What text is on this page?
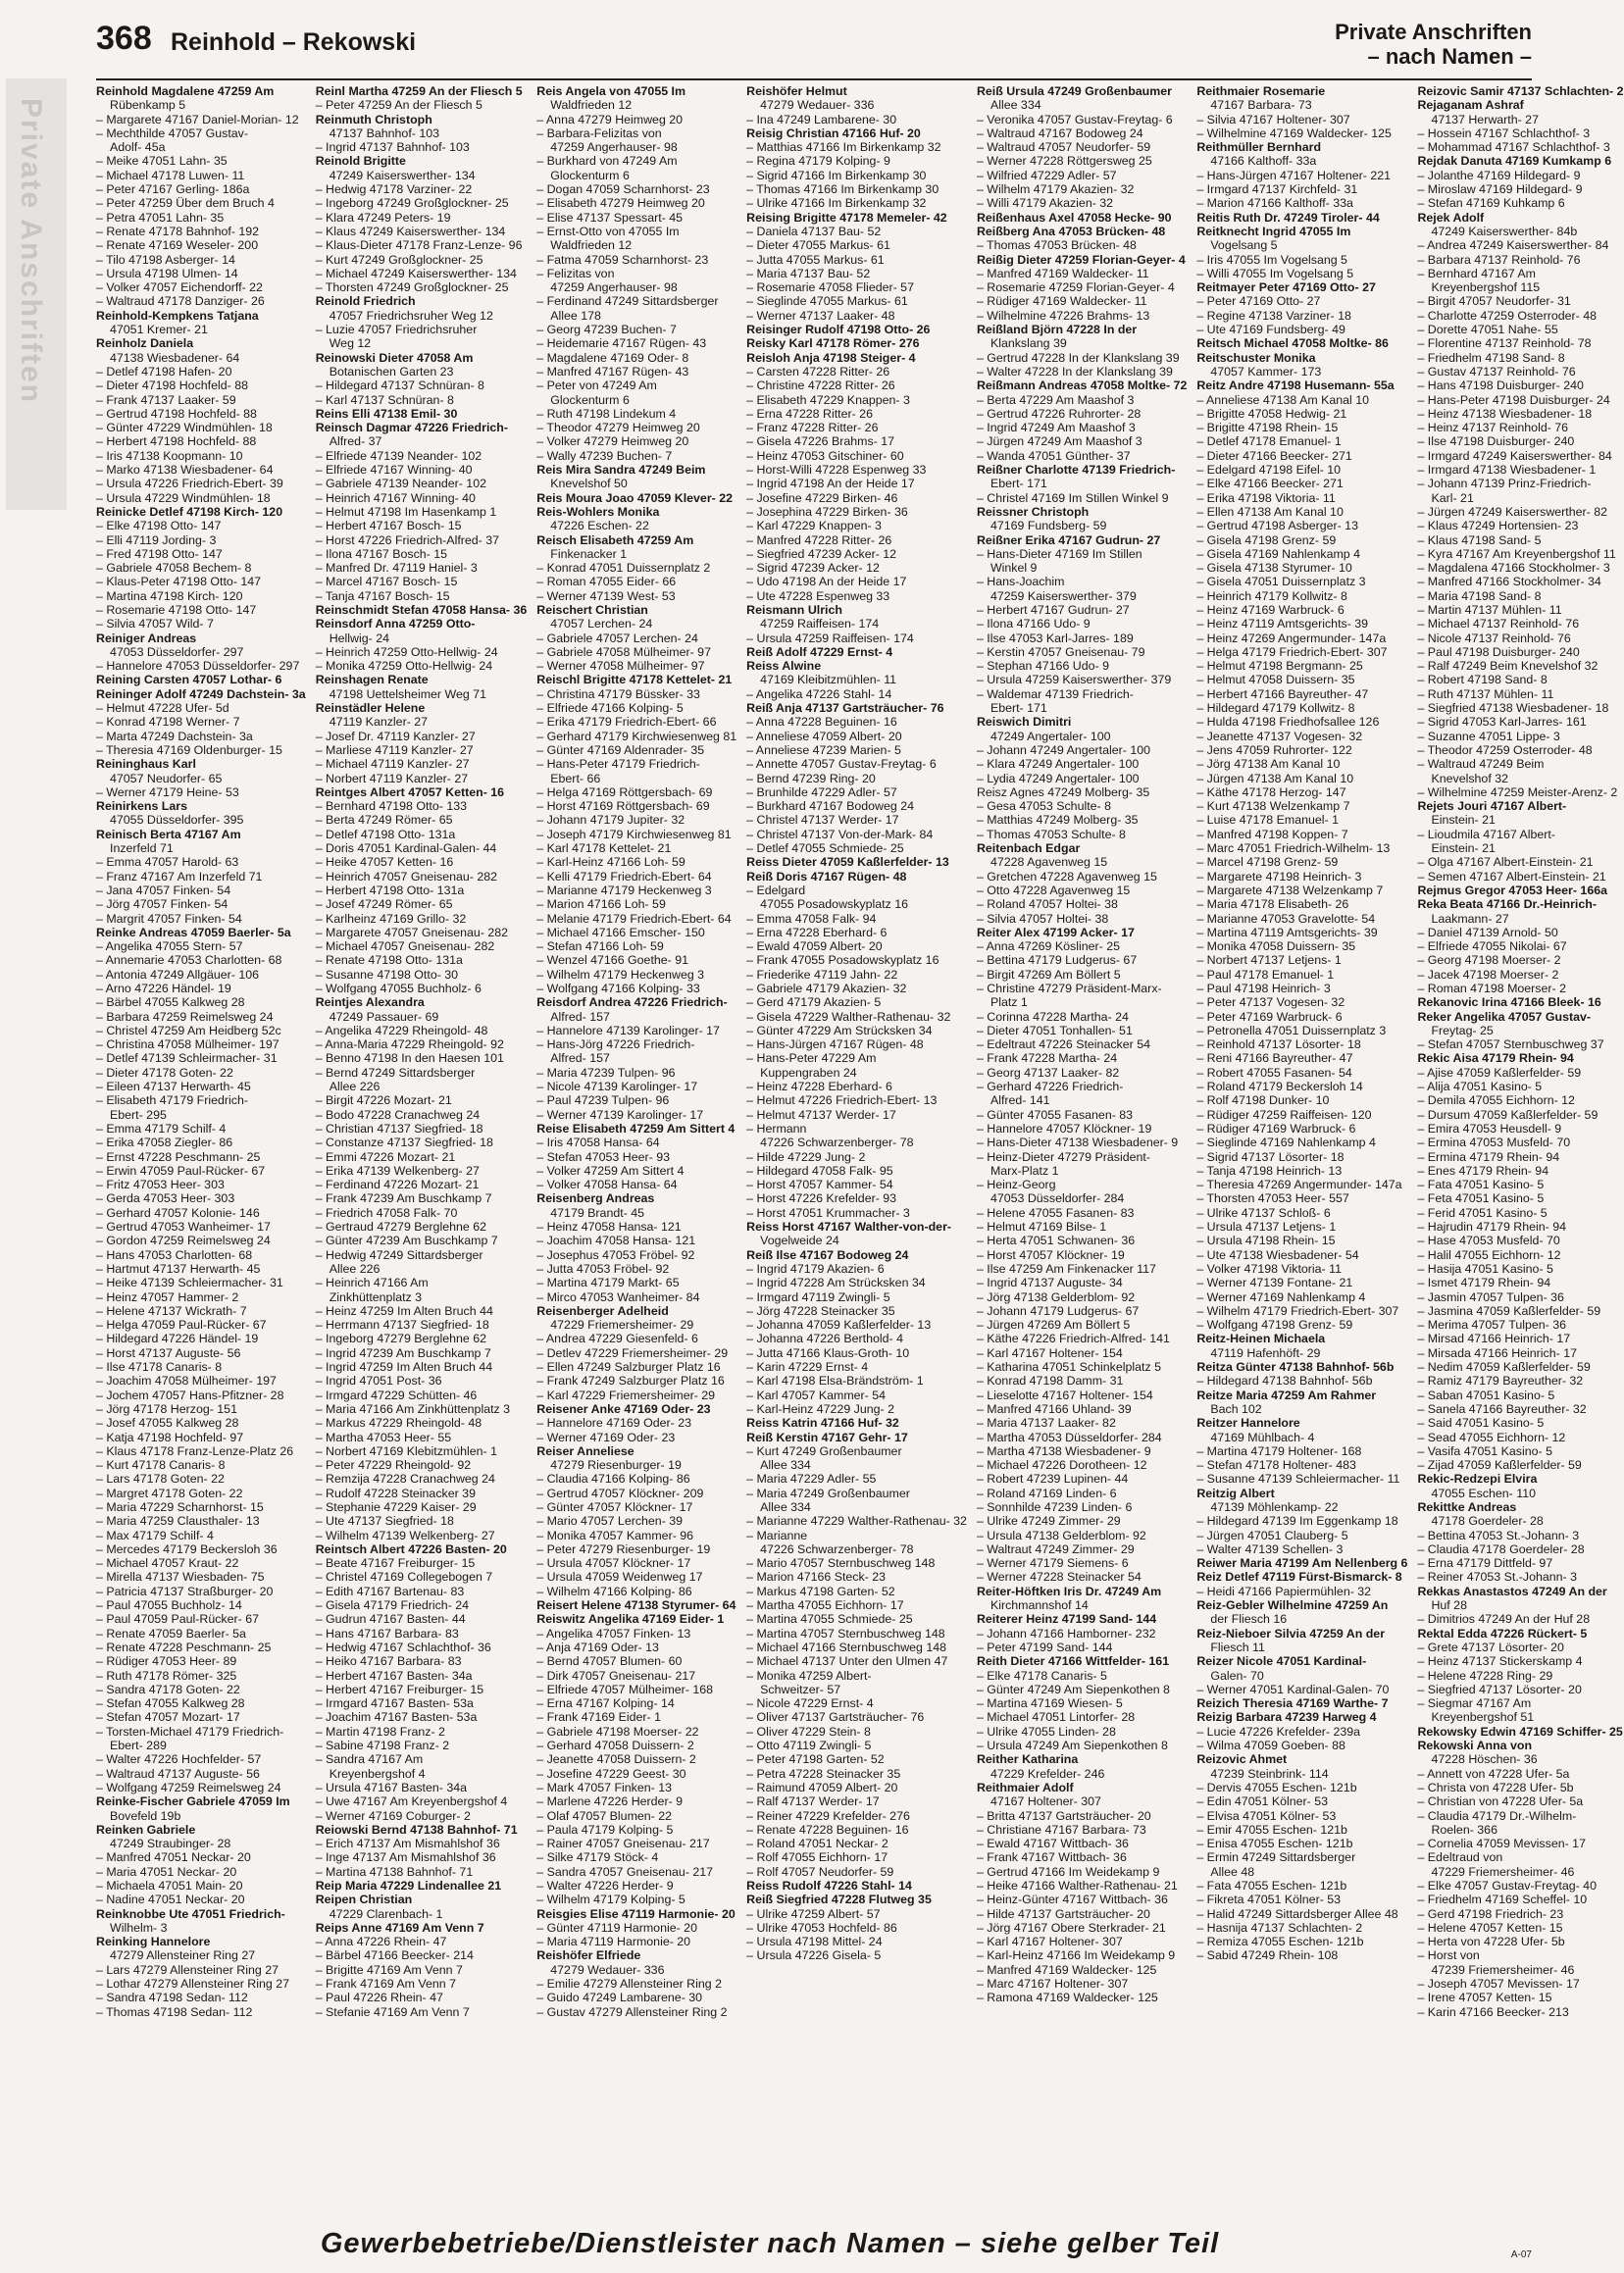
368 Reinhold – Rekowski	Private Anschriften
– nach Namen –
Private Anschriften
Reinhold Magdalene 47259 Am
Rübenkamp 5
– Margarete 47167 Daniel-Morian- 12
– Mechthilde 47057 Gustav-
Adolf- 45a
– Meike 47051 Lahn- 35
– Michael 47178 Luwen- 11
– Peter 47167 Gerling- 186a
– Peter 47259 Über dem Bruch 4
– Petra 47051 Lahn- 35
– Renate 47178 Bahnhof- 192
– Renate 47169 Weseler- 200
– Tilo 47198 Asberger- 14
– Ursula 47198 Ulmen- 14
– Volker 47057 Eichendorff- 22
– Waltraud 47178 Danziger- 26
Reinhold-Kempkens Tatjana
47051 Kremer- 21
Reinholz Daniela
47138 Wiesbadener- 64
– Detlef 47198 Hafen- 20
– Dieter 47198 Hochfeld- 88
– Frank 47137 Laaker- 59
– Gertrud 47198 Hochfeld- 88
– Günter 47229 Windmühlen- 18
– Herbert 47198 Hochfeld- 88
– Iris 47138 Koopmann- 10
– Marko 47138 Wiesbadener- 64
– Ursula 47226 Friedrich-Ebert- 39
– Ursula 47229 Windmühlen- 18
Reinicke Detlef 47198 Kirch- 120
– Elke 47198 Otto- 147
– Elli 47119 Jording- 3
– Fred 47198 Otto- 147
– Gabriele 47058 Bechem- 8
– Klaus-Peter 47198 Otto- 147
– Martina 47198 Kirch- 120
– Rosemarie 47198 Otto- 147
– Silvia 47057 Wild- 7
Reiniger Andreas
47053 Düsseldorfer- 297
– Hannelore 47053 Düsseldorfer- 297
Reining Carsten 47057 Lothar- 6
Reininger Adolf 47249 Dachstein- 3a
– Helmut 47228 Ufer- 5d
– Konrad 47198 Werner- 7
– Marta 47249 Dachstein- 3a
– Theresia 47169 Oldenburger- 15
Reininghaus Karl
47057 Neudorfer- 65
– Werner 47179 Heine- 53
Reinirkens Lars
47055 Düsseldorfer- 395
Reinisch Berta 47167 Am
Inzerfeld 71
– Emma 47057 Harold- 63
– Franz 47167 Am Inzerfeld 71
– Jana 47057 Finken- 54
– Jörg 47057 Finken- 54
– Margrit 47057 Finken- 54
Reinke Andreas 47059 Baerler- 5a
– Angelika 47055 Stern- 57
– Annemarie 47053 Charlotten- 68
– Antonia 47249 Allgäuer- 106
– Arno 47226 Händel- 19
– Bärbel 47055 Kalkweg 28
– Barbara 47259 Reimelsweg 24
– Christel 47259 Am Heidberg 52c
– Christina 47058 Mülheimer- 197
– Detlef 47139 Schleirmacher- 31
– Dieter 47178 Goten- 22
– Eileen 47137 Herwarth- 45
– Elisabeth 47179 Friedrich-
Ebert- 295
– Emma 47179 Schilf- 4
– Erika 47058 Ziegler- 86
– Ernst 47228 Peschmann- 25
– Erwin 47059 Paul-Rücker- 67
– Fritz 47053 Heer- 303
– Gerda 47053 Heer- 303
– Gerhard 47057 Kolonie- 146
– Gertrud 47053 Wanheimer- 17
– Gordon 47259 Reimelsweg 24
– Hans 47053 Charlotten- 68
– Hartmut 47137 Herwarth- 45
– Heike 47139 Schleiermacher- 31
– Heinz 47057 Hammer- 2
– Helene 47137 Wickrath- 7
– Helga 47059 Paul-Rücker- 67
– Hildegard 47226 Händel- 19
– Horst 47137 Auguste- 56
– Ilse 47178 Canaris- 8
– Joachim 47058 Mülheimer- 197
– Jochem 47057 Hans-Pfitzner- 28
– Jörg 47178 Herzog- 151
– Josef 47055 Kalkweg 28
– Katja 47198 Hochfeld- 97
– Klaus 47178 Franz-Lenze-Platz 26
– Kurt 47178 Canaris- 8
– Lars 47178 Goten- 22
– Margret 47178 Goten- 22
– Maria 47229 Scharnhorst- 15
– Maria 47259 Clausthaler- 13
– Max 47179 Schilf- 4
– Mercedes 47179 Beckersloh 36
– Michael 47057 Kraut- 22
– Mirella 47137 Wiesbaden- 75
– Patricia 47137 Straßburger- 20
– Paul 47055 Buchholz- 14
– Paul 47059 Paul-Rücker- 67
– Renate 47059 Baerler- 5a
– Renate 47228 Peschmann- 25
– Rüdiger 47053 Heer- 89
– Ruth 47178 Römer- 325
– Sandra 47178 Goten- 22
– Stefan 47055 Kalkweg 28
– Stefan 47057 Mozart- 17
– Torsten-Michael 47179 Friedrich-
Ebert- 289
– Walter 47226 Hochfelder- 57
– Waltraud 47137 Auguste- 56
– Wolfgang 47259 Reimelsweg 24
Reinke-Fischer Gabriele 47059 Im
Bovefeld 19b
Reinken Gabriele
47249 Straubinger- 28
– Manfred 47051 Neckar- 20
– Maria 47051 Neckar- 20
– Michaela 47051 Main- 20
– Nadine 47051 Neckar- 20
Reinknobbe Ute 47051 Friedrich-
Wilhelm- 3
Reinking Hannelore
47279 Allensteiner Ring 27
– Lars 47279 Allensteiner Ring 27
– Lothar 47279 Allensteiner Ring 27
– Sandra 47198 Sedan- 112
– Thomas 47198 Sedan- 112
Reinl Martha 47259 An der Fliesch 5
– Peter 47259 An der Fliesch 5
Reinmuth Christoph
47137 Bahnhof- 103
– Ingrid 47137 Bahnhof- 103
Reinold Brigitte
47249 Kaiserswerther- 134
– Hedwig 47178 Varziner- 22
– Ingeborg 47249 Großglockner- 25
– Klara 47249 Peters- 19
– Klaus 47249 Kaiserswerther- 134
– Klaus-Dieter 47178 Franz-Lenze- 96
– Kurt 47249 Großglockner- 25
– Michael 47249 Kaiserswerther- 134
– Thorsten 47249 Großglockner- 25
Reinold Friedrich
47057 Friedrichsruher Weg 12
– Luzie 47057 Friedrichsruher
Weg 12
Reinowski Dieter 47058 Am
Botanischen Garten 23
– Hildegard 47137 Schnüran- 8
– Karl 47137 Schnüran- 8
Reins Elli 47138 Emil- 30
Reinsch Dagmar 47226 Friedrich-
Alfred- 37
– Elfriede 47139 Neander- 102
– Elfriede 47167 Winning- 40
– Gabriele 47139 Neander- 102
– Heinrich 47167 Winning- 40
– Helmut 47198 Im Hasenkamp 1
– Herbert 47167 Bosch- 15
– Horst 47226 Friedrich-Alfred- 37
– Ilona 47167 Bosch- 15
– Manfred Dr. 47119 Haniel- 3
– Marcel 47167 Bosch- 15
– Tanja 47167 Bosch- 15
Reinschmidt Stefan 47058 Hansa- 36
Reinsdorf Anna 47259 Otto-
Hellwig- 24
– Heinrich 47259 Otto-Hellwig- 24
– Monika 47259 Otto-Hellwig- 24
Reinshagen Renate
47198 Uettelsheimer Weg 71
Reinstädler Helene
47119 Kanzler- 27
– Josef Dr. 47119 Kanzler- 27
– Marliese 47119 Kanzler- 27
– Michael 47119 Kanzler- 27
– Norbert 47119 Kanzler- 27
Reintges Albert 47057 Ketten- 16
– Bernhard 47198 Otto- 133
– Berta 47249 Römer- 65
– Detlef 47198 Otto- 131a
– Doris 47051 Kardinal-Galen- 44
– Heike 47057 Ketten- 16
– Heinrich 47057 Gneisenau- 282
– Herbert 47198 Otto- 131a
– Josef 47249 Römer- 65
– Karlheinz 47169 Grillo- 32
– Margarete 47057 Gneisenau- 282
– Michael 47057 Gneisenau- 282
– Renate 47198 Otto- 131a
– Susanne 47198 Otto- 30
– Wolfgang 47055 Buchholz- 6
Reintjes Alexandra
47249 Passauer- 69
– Angelika 47229 Rheingold- 48
– Anna-Maria 47229 Rheingold- 92
– Benno 47198 In den Haesen 101
– Bernd 47249 Sittardsberger
Allee 226
– Birgit 47226 Mozart- 21
– Bodo 47228 Cranachweg 24
– Christian 47137 Siegfried- 18
– Constanze 47137 Siegfried- 18
– Emmi 47226 Mozart- 21
– Erika 47139 Welkenberg- 27
– Ferdinand 47226 Mozart- 21
– Frank 47239 Am Buschkamp 7
– Friedrich 47058 Falk- 70
– Gertraud 47279 Berglehne 62
– Günter 47239 Am Buschkamp 7
– Hedwig 47249 Sittardsberger
Allee 226
– Heinrich 47166 Am
Zinkhüttenplatz 3
– Heinz 47259 Im Alten Bruch 44
– Herrmann 47137 Siegfried- 18
– Ingeborg 47279 Berglehne 62
– Ingrid 47239 Am Buschkamp 7
– Ingrid 47259 Im Alten Bruch 44
– Ingrid 47051 Post- 36
– Irmgard 47229 Schütten- 46
– Maria 47166 Am Zinkhüttenplatz 3
– Markus 47229 Rheingold- 48
– Martha 47053 Heer- 55
– Norbert 47169 Klebitzmühlen- 1
– Peter 47229 Rheingold- 92
– Remzija 47228 Cranachweg 24
– Rudolf 47228 Steinacker 39
– Stephanie 47229 Kaiser- 29
– Ute 47137 Siegfried- 18
– Wilhelm 47139 Welkenberg- 27
Reintsch Albert 47226 Basten- 20
– Beate 47167 Freiburger- 15
– Christel 47169 Collegebogen 7
– Edith 47167 Bartenau- 83
– Gisela 47179 Friedrich- 24
– Gudrun 47167 Basten- 44
– Hans 47167 Barbara- 83
– Hedwig 47167 Schlachthof- 36
– Heiko 47167 Barbara- 83
– Herbert 47167 Basten- 34a
– Herbert 47167 Freiburger- 15
– Irmgard 47167 Basten- 53a
– Joachim 47167 Basten- 53a
– Martin 47198 Franz- 2
– Sabine 47198 Franz- 2
– Sandra 47167 Am
Kreyenbergshof 4
– Ursula 47167 Basten- 34a
– Uwe 47167 Am Kreyenbergshof 4
– Werner 47169 Coburger- 2
Reiowski Bernd 47138 Bahnhof- 71
– Erich 47137 Am Mismahlshof 36
– Inge 47137 Am Mismahlshof 36
– Martina 47138 Bahnhof- 71
Reip Maria 47229 Lindenallee 21
Reipen Christian
47229 Clarenbach- 1
Reips Anne 47169 Am Venn 7
– Anna 47226 Rhein- 47
– Bärbel 47166 Beecker- 214
– Brigitte 47169 Am Venn 7
– Frank 47169 Am Venn 7
– Paul 47226 Rhein- 47
– Stefanie 47169 Am Venn 7
Reis Angela von 47055 Im
Waldfrieden 12
– Anna 47279 Heimweg 20
– Barbara-Felizitas von
47259 Angerhauser- 98
– Burkhard von 47249 Am
Glockenturm 6
– Dogan 47059 Scharnhorst- 23
– Elisabeth 47279 Heimweg 20
– Elise 47137 Spessart- 45
– Ernst-Otto von 47055 Im
Waldfrieden 12
– Fatma 47059 Scharnhorst- 23
– Felizitas von
47259 Angerhauser- 98
– Ferdinand 47249 Sittardsberger
Allee 178
– Georg 47239 Buchen- 7
– Heidemarie 47167 Rügen- 43
– Magdalene 47169 Oder- 8
– Manfred 47167 Rügen- 43
– Peter von 47249 Am
Glockenturm 6
– Ruth 47198 Lindekum 4
– Theodor 47279 Heimweg 20
– Volker 47279 Heimweg 20
– Wally 47239 Buchen- 7
Reis Mira Sandra 47249 Beim
Knevelshof 50
Reis Moura Joao 47059 Klever- 22
Reis-Wohlers Monika
47226 Eschen- 22
Reisch Elisabeth 47259 Am
Finkenacker 1
– Konrad 47051 Duissernplatz 2
– Roman 47055 Eider- 66
– Werner 47139 West- 53
Reischert Christian
47057 Lerchen- 24
– Gabriele 47057 Lerchen- 24
– Gabriele 47058 Mülheimer- 97
– Werner 47058 Mülheimer- 97
Reischl Brigitte 47178 Kettelet- 21
– Christina 47179 Büssker- 33
– Elfriede 47166 Kolping- 5
– Erika 47179 Friedrich-Ebert- 66
– Gerhard 47179 Kirchwiesenweg 81
– Günter 47169 Aldenrader- 35
– Hans-Peter 47179 Friedrich-
Ebert- 66
– Helga 47169 Röttgersbach- 69
– Horst 47169 Röttgersbach- 69
– Johann 47179 Jupiter- 32
– Joseph 47179 Kirchwiesenweg 81
– Karl 47178 Kettelet- 21
– Karl-Heinz 47166 Loh- 59
– Kelli 47179 Friedrich-Ebert- 64
– Marianne 47179 Heckenweg 3
– Marion 47166 Loh- 59
– Melanie 47179 Friedrich-Ebert- 64
– Michael 47166 Emscher- 150
– Stefan 47166 Loh- 59
– Wenzel 47166 Goethe- 91
– Wilhelm 47179 Heckenweg 3
– Wolfgang 47166 Kolping- 33
Reisdorf Andrea 47226 Friedrich-
Alfred- 157
– Hannelore 47139 Karolinger- 17
– Hans-Jörg 47226 Friedrich-
Alfred- 157
– Maria 47239 Tulpen- 96
– Nicole 47139 Karolinger- 17
– Paul 47239 Tulpen- 96
– Werner 47139 Karolinger- 17
Reise Elisabeth 47259 Am Sittert 4
– Iris 47058 Hansa- 64
– Stefan 47053 Heer- 93
– Volker 47259 Am Sittert 4
– Volker 47058 Hansa- 64
Reisenberg Andreas
47179 Brandt- 45
– Heinz 47058 Hansa- 121
– Joachim 47058 Hansa- 121
– Josephus 47053 Fröbel- 92
– Jutta 47053 Fröbel- 92
– Martina 47179 Markt- 65
– Mirco 47053 Wanheimer- 84
Reisenberger Adelheid
47229 Friemersheimer- 29
– Andrea 47229 Giesenfeld- 6
– Detlev 47229 Friemersheimer- 29
– Ellen 47249 Salzburger Platz 16
– Frank 47249 Salzburger Platz 16
– Karl 47229 Friemersheimer- 29
Reisener Anke 47169 Oder- 23
– Hannelore 47169 Oder- 23
– Werner 47169 Oder- 23
Reiser Anneliese
47279 Riesenburger- 19
– Claudia 47166 Kolping- 86
– Gertrud 47057 Klöckner- 209
– Günter 47057 Klöckner- 17
– Mario 47057 Lerchen- 39
– Monika 47057 Kammer- 96
– Peter 47279 Riesenburger- 19
– Ursula 47057 Klöckner- 17
– Ursula 47059 Weidenweg 17
– Wilhelm 47166 Kolping- 86
Reisert Helene 47138 Styrumer- 64
Reiswitz Angelika 47169 Eider- 1
– Angelika 47057 Finken- 13
– Anja 47169 Oder- 13
– Bernd 47057 Blumen- 60
– Dirk 47057 Gneisenau- 217
– Elfriede 47057 Mülheimer- 168
– Erna 47167 Kolping- 14
– Frank 47169 Eider- 1
– Gabriele 47198 Moerser- 22
– Gerhard 47058 Duissern- 2
– Jeanette 47058 Duissern- 2
– Josefine 47229 Geest- 30
– Mark 47057 Finken- 13
– Marlene 47226 Herder- 9
– Olaf 47057 Blumen- 22
– Paula 47179 Kolping- 5
– Rainer 47057 Gneisenau- 217
– Silke 47179 Stöck- 4
– Sandra 47057 Gneisenau- 217
– Walter 47226 Herder- 9
– Wilhelm 47179 Kolping- 5
Reisgies Elise 47119 Harmonie- 20
– Günter 47119 Harmonie- 20
– Maria 47119 Harmonie- 20
Reishöfer Elfriede
47279 Wedauer- 336
– Emilie 47279 Allensteiner Ring 2
– Guido 47249 Lambarene- 30
– Gustav 47279 Allensteiner Ring 2
Reishöfer Helmut
47279 Wedauer- 336
– Ina 47249 Lambarene- 30
Reisig Christian 47166 Huf- 20
– Matthias 47166 Im Birkenkamp 32
– Regina 47179 Kolping- 9
– Sigrid 47166 Im Birkenkamp 30
– Thomas 47166 Im Birkenkamp 30
– Ulrike 47166 Im Birkenkamp 32
Reising Brigitte 47178 Memeler- 42
– Daniela 47137 Bau- 52
– Dieter 47055 Markus- 61
– Jutta 47055 Markus- 61
– Maria 47137 Bau- 52
– Rosemarie 47058 Flieder- 57
– Sieglinde 47055 Markus- 61
– Werner 47137 Laaker- 48
Reisinger Rudolf 47198 Otto- 26
Reisky Karl 47178 Römer- 276
Reisloh Anja 47198 Steiger- 4
– Carsten 47228 Ritter- 26
– Christine 47228 Ritter- 26
– Elisabeth 47229 Knappen- 3
– Erna 47228 Ritter- 26
– Franz 47228 Ritter- 26
– Gisela 47226 Brahms- 17
– Heinz 47053 Gitschiner- 60
– Horst-Willi 47228 Espenweg 33
– Ingrid 47198 An der Heide 17
– Josefine 47229 Birken- 46
– Josephina 47229 Birken- 36
– Karl 47229 Knappen- 3
– Manfred 47228 Ritter- 26
– Siegfried 47239 Acker- 12
– Sigrid 47239 Acker- 12
– Udo 47198 An der Heide 17
– Ute 47228 Espenweg 33
Reismann Ulrich
47259 Raiffeisen- 174
– Ursula 47259 Raiffeisen- 174
Reiß Adolf 47229 Ernst- 4
Reiss Alwine
47169 Kleibitzmühlen- 11
– Angelika 47226 Stahl- 14
Reiß Anja 47137 Gartsträucher- 76
– Anna 47228 Beguinen- 16
– Anneliese 47059 Albert- 20
– Anneliese 47239 Marien- 5
– Annette 47057 Gustav-Freytag- 6
– Bernd 47239 Ring- 20
– Brunhilde 47229 Adler- 57
– Burkhard 47167 Bodoweg 24
– Christel 47137 Werder- 17
– Christel 47137 Von-der-Mark- 84
– Detlef 47055 Schmiede- 25
Reiss Dieter 47059 Kaßlerfelder- 13
Reiß Doris 47167 Rügen- 48
– Edelgard
47055 Posadowskyplatz 16
– Emma 47058 Falk- 94
– Erna 47228 Eberhard- 6
– Ewald 47059 Albert- 20
– Frank 47055 Posadowskyplatz 16
– Friederike 47119 Jahn- 22
– Gabriele 47179 Akazien- 32
– Gerd 47179 Akazien- 5
– Gisela 47229 Walther-Rathenau- 32
– Günter 47229 Am Strücksken 34
– Hans-Jürgen 47167 Rügen- 48
– Hans-Peter 47229 Am
Kuppengraben 24
– Heinz 47228 Eberhard- 6
– Helmut 47226 Friedrich-Ebert- 13
– Helmut 47137 Werder- 17
– Hermann
47226 Schwarzenberger- 78
– Hilde 47229 Jung- 2
– Hildegard 47058 Falk- 95
– Horst 47057 Kammer- 54
– Horst 47226 Krefelder- 93
– Horst 47051 Krummacher- 3
Reiss Horst 47167 Walther-von-der-
Vogelweide 24
Reiß Ilse 47167 Bodoweg 24
– Ingrid 47179 Akazien- 6
– Ingrid 47228 Am Strücksken 34
– Irmgard 47119 Zwingli- 5
– Jörg 47228 Steinacker 35
– Johanna 47059 Kaßlerfelder- 13
– Johanna 47226 Berthold- 4
– Jutta 47166 Klaus-Groth- 10
– Karin 47229 Ernst- 4
– Karl 47198 Elsa-Brändström- 1
– Karl 47057 Kammer- 54
– Karl-Heinz 47229 Jung- 2
Reiss Katrin 47166 Huf- 32
Reiß Kerstin 47167 Gehr- 17
– Kurt 47249 Großenbaumer
Allee 334
– Maria 47229 Adler- 55
– Maria 47249 Großenbaumer
Allee 334
– Marianne 47229 Walther-Rathenau- 32
– Marianne
47226 Schwarzenberger- 78
– Mario 47057 Sternbuschweg 148
– Marion 47166 Steck- 23
– Markus 47198 Garten- 52
– Martha 47055 Eichhorn- 17
– Martina 47055 Schmiede- 25
– Martina 47057 Sternbuschweg 148
– Michael 47166 Sternbuschweg 148
– Michael 47137 Unter den Ulmen 47
– Monika 47259 Albert-
Schweitzer- 57
– Nicole 47229 Ernst- 4
– Oliver 47137 Gartsträucher- 76
– Oliver 47229 Stein- 8
– Otto 47119 Zwingli- 5
– Peter 47198 Garten- 52
– Petra 47228 Steinacker 35
– Raimund 47059 Albert- 20
– Ralf 47137 Werder- 17
– Reiner 47229 Krefelder- 276
– Renate 47228 Beguinen- 16
– Roland 47051 Neckar- 2
– Rolf 47055 Eichhorn- 17
– Rolf 47057 Neudorfer- 59
Reiss Rudolf 47226 Stahl- 14
Reiß Siegfried 47228 Flutweg 35
– Ulrike 47259 Albert- 57
– Ulrike 47053 Hochfeld- 86
– Ursula 47198 Mittel- 24
– Ursula 47226 Gisela- 5
Reiß Ursula 47249 Großenbaumer
Allee 334
– Veronika 47057 Gustav-Freytag- 6
– Waltraud 47167 Bodoweg 24
– Waltraud 47057 Neudorfer- 59
– Werner 47228 Röttgersweg 25
– Wilfried 47229 Adler- 57
– Wilhelm 47179 Akazien- 32
– Willi 47179 Akazien- 32
Reißenhaus Axel 47058 Hecke- 90
Reißberg Ana 47053 Brücken- 48
– Thomas 47053 Brücken- 48
Reißig Dieter 47259 Florian-Geyer- 4
– Manfred 47169 Waldecker- 11
– Rosemarie 47259 Florian-Geyer- 4
– Rüdiger 47169 Waldecker- 11
– Wilhelmine 47226 Brahms- 13
Reißland Björn 47228 In der
Klankslang 39
– Gertrud 47228 In der Klankslang 39
– Walter 47228 In der Klankslang 39
Reißmann Andreas 47058 Moltke- 72
– Berta 47229 Am Maashof 3
– Gertrud 47226 Ruhrorter- 28
– Ingrid 47249 Am Maashof 3
– Jürgen 47249 Am Maashof 3
– Wanda 47051 Günther- 37
Reißner Charlotte 47139 Friedrich-
Ebert- 171
– Christel 47169 Im Stillen Winkel 9
Reissner Christoph
47169 Fundsberg- 59
Reißner Erika 47167 Gudrun- 27
– Hans-Dieter 47169 Im Stillen
Winkel 9
– Hans-Joachim
47259 Kaiserswerther- 379
– Herbert 47167 Gudrun- 27
– Ilona 47166 Udo- 9
– Ilse 47053 Karl-Jarres- 189
– Kerstin 47057 Gneisenau- 79
– Stephan 47166 Udo- 9
– Ursula 47259 Kaiserswerther- 379
– Waldemar 47139 Friedrich-
Ebert- 171
Reiswich Dimitri
47249 Angertaler- 100
– Johann 47249 Angertaler- 100
– Klara 47249 Angertaler- 100
– Lydia 47249 Angertaler- 100
Reisz Agnes 47249 Molberg- 35
– Gesa 47053 Schulte- 8
– Matthias 47249 Molberg- 35
– Thomas 47053 Schulte- 8
Reitenbach Edgar
47228 Agavenweg 15
– Gretchen 47228 Agavenweg 15
– Otto 47228 Agavenweg 15
– Roland 47057 Holtei- 38
– Silvia 47057 Holtei- 38
Reiter Alex 47199 Acker- 17
– Anna 47269 Kösliner- 25
– Bettina 47179 Ludgerus- 67
– Birgit 47269 Am Böllert 5
– Christine 47279 Präsident-Marx-
Platz 1
– Corinna 47228 Martha- 24
– Dieter 47051 Tonhallen- 51
– Edeltraut 47226 Steinacker 54
– Frank 47228 Martha- 24
– Georg 47137 Laaker- 82
– Gerhard 47226 Friedrich-
Alfred- 141
– Günter 47055 Fasanen- 83
– Hannelore 47057 Klöckner- 19
– Hans-Dieter 47138 Wiesbadener- 9
– Heinz-Dieter 47279 Präsident-
Marx-Platz 1
– Heinz-Georg
47053 Düsseldorfer- 284
– Helene 47055 Fasanen- 83
– Helmut 47169 Bilse- 1
– Herta 47051 Schwanen- 36
– Horst 47057 Klöckner- 19
– Ilse 47259 Am Finkenacker 117
– Ingrid 47137 Auguste- 34
– Jörg 47138 Gelderblom- 92
– Johann 47179 Ludgerus- 67
– Jürgen 47269 Am Böllert 5
– Käthe 47226 Friedrich-Alfred- 141
– Karl 47167 Holtener- 154
– Katharina 47051 Schinkelplatz 5
– Konrad 47198 Damm- 31
– Lieselotte 47167 Holtener- 154
– Manfred 47166 Uhland- 39
– Maria 47137 Laaker- 82
– Martha 47053 Düsseldorfer- 284
– Martha 47138 Wiesbadener- 9
– Michael 47226 Dorotheen- 12
– Robert 47239 Lupinen- 44
– Roland 47169 Linden- 6
– Sonnhilde 47239 Linden- 6
– Ulrike 47249 Zimmer- 29
– Ursula 47138 Gelderblom- 92
– Waltraut 47249 Zimmer- 29
– Werner 47179 Siemens- 6
– Werner 47228 Steinacker 54
Reiter-Höftken Iris Dr. 47249 Am
Kirchmannshof 14
Reiterer Heinz 47199 Sand- 144
– Johann 47166 Hamborner- 232
– Peter 47199 Sand- 144
Reith Dieter 47166 Wittfelder- 161
– Elke 47178 Canaris- 5
– Günter 47249 Am Siepenkothen 8
– Martina 47169 Wiesen- 5
– Michael 47051 Lintorfer- 28
– Ulrike 47055 Linden- 28
– Ursula 47249 Am Siepenkothen 8
Reither Katharina
47229 Krefelder- 246
Reithmaier Adolf
47167 Holtener- 307
– Britta 47137 Gartsträucher- 20
– Christiane 47167 Barbara- 73
– Ewald 47167 Wittbach- 36
– Frank 47167 Wittbach- 36
– Gertrud 47166 Im Weidekamp 9
– Heike 47166 Walther-Rathenau- 21
– Heinz-Günter 47167 Wittbach- 36
– Hilde 47137 Gartsträucher- 20
– Jörg 47167 Obere Sterkrader- 21
– Karl 47167 Holtener- 307
– Karl-Heinz 47166 Im Weidekamp 9
– Manfred 47169 Waldecker- 125
– Marc 47167 Holtener- 307
– Ramona 47169 Waldecker- 125
Reithmaier Rosemarie
47167 Barbara- 73
– Silvia 47167 Holtener- 307
– Wilhelmine 47169 Waldecker- 125
Reithmüller Bernhard
47166 Kalthoff- 33a
– Hans-Jürgen 47167 Holtener- 221
– Irmgard 47137 Kirchfeld- 31
– Marion 47166 Kalthoff- 33a
Reitis Ruth Dr. 47249 Tiroler- 44
Reitknecht Ingrid 47055 Im
Vogelsang 5
– Iris 47055 Im Vogelsang 5
– Willi 47055 Im Vogelsang 5
Reitmayer Peter 47169 Otto- 27
– Peter 47169 Otto- 27
– Regine 47138 Varziner- 18
– Ute 47169 Fundsberg- 49
Reitsch Michael 47058 Moltke- 86
Reitschuster Monika
47057 Kammer- 173
Reitz Andre 47198 Husemann- 55a
– Anneliese 47138 Am Kanal 10
– Brigitte 47058 Hedwig- 21
– Brigitte 47198 Rhein- 15
– Detlef 47178 Emanuel- 1
– Dieter 47166 Beecker- 271
– Edelgard 47198 Eifel- 10
– Elke 47166 Beecker- 271
– Erika 47198 Viktoria- 11
– Ellen 47138 Am Kanal 10
– Gertrud 47198 Asberger- 13
– Gisela 47198 Grenz- 59
– Gisela 47169 Nahlenkamp 4
– Gisela 47138 Styrumer- 10
– Gisela 47051 Duissernplatz 3
– Heinrich 47179 Kollwitz- 8
– Heinz 47169 Warbruck- 6
– Heinz 47119 Amtsgerichts- 39
– Heinz 47269 Angermunder- 147a
– Helga 47179 Friedrich-Ebert- 307
– Helmut 47198 Bergmann- 25
– Helmut 47058 Duissern- 35
– Herbert 47166 Bayreuther- 47
– Hildegard 47179 Kollwitz- 8
– Hulda 47198 Friedhofsallee 126
– Jeanette 47137 Vogesen- 32
– Jens 47059 Ruhrorter- 122
– Jörg 47138 Am Kanal 10
– Jürgen 47138 Am Kanal 10
– Käthe 47178 Herzog- 147
– Kurt 47138 Welzenkamp 7
– Luise 47178 Emanuel- 1
– Manfred 47198 Koppen- 7
– Marc 47051 Friedrich-Wilhelm- 13
– Marcel 47198 Grenz- 59
– Margarete 47198 Heinrich- 3
– Margarete 47138 Welzenkamp 7
– Maria 47178 Elisabeth- 26
– Marianne 47053 Gravelotte- 54
– Martina 47119 Amtsgerichts- 39
– Monika 47058 Duissern- 35
– Norbert 47137 Letjens- 1
– Paul 47178 Emanuel- 1
– Paul 47198 Heinrich- 3
– Peter 47137 Vogesen- 32
– Peter 47169 Warbruck- 6
– Petronella 47051 Duissernplatz 3
– Reinhold 47137 Lösorter- 18
– Reni 47166 Bayreuther- 47
– Robert 47055 Fasanen- 54
– Roland 47179 Beckersloh 14
– Rolf 47198 Dunker- 10
– Rüdiger 47259 Raiffeisen- 120
– Rüdiger 47169 Warbruck- 6
– Sieglinde 47169 Nahlenkamp 4
– Sigrid 47137 Lösorter- 18
– Tanja 47198 Heinrich- 13
– Theresia 47269 Angermunder- 147a
– Thorsten 47053 Heer- 557
– Ulrike 47137 Schloß- 6
– Ursula 47137 Letjens- 1
– Ursula 47198 Rhein- 15
– Ute 47138 Wiesbadener- 54
– Volker 47198 Viktoria- 11
– Werner 47139 Fontane- 21
– Werner 47169 Nahlenkamp 4
– Wilhelm 47179 Friedrich-Ebert- 307
– Wolfgang 47198 Grenz- 59
Reitz-Heinen Michaela
47119 Hafenhöft- 29
Reitza Günter 47138 Bahnhof- 56b
– Hildegard 47138 Bahnhof- 56b
Reitze Maria 47259 Am Rahmer
Bach 102
Reitzer Hannelore
47169 Mühlbach- 4
– Martina 47179 Holtener- 168
– Stefan 47178 Holtener- 483
– Susanne 47139 Schleiermacher- 11
Reitzig Albert
47139 Möhlenkamp- 22
– Hildegard 47139 Im Eggenkamp 18
– Jürgen 47051 Clauberg- 5
– Walter 47139 Schellen- 3
Reiwer Maria 47199 Am Nellenberg 6
Reiz Detlef 47119 Fürst-Bismarck- 8
– Heidi 47166 Papiermühlen- 32
Reiz-Gebler Wilhelmine 47259 An
der Fliesch 16
Reiz-Nieboer Silvia 47259 An der
Fliesch 11
Reizer Nicole 47051 Kardinal-
Galen- 70
– Werner 47051 Kardinal-Galen- 70
Reizich Theresia 47169 Warthe- 7
Reizig Barbara 47239 Harweg 4
– Lucie 47226 Krefelder- 239a
– Wilma 47059 Goeben- 88
Reizovic Ahmet
47239 Steinbrink- 114
– Dervis 47055 Eschen- 121b
– Edin 47051 Kölner- 53
– Elvisa 47051 Kölner- 53
– Emir 47055 Eschen- 121b
– Enisa 47055 Eschen- 121b
– Ermin 47249 Sittardsberger
Allee 48
– Fata 47055 Eschen- 121b
– Fikreta 47051 Kölner- 53
– Halid 47249 Sittardsberger Allee 48
– Hasnija 47137 Schlachten- 2
– Remiza 47055 Eschen- 121b
– Sabid 47249 Rhein- 108
Reizovic Samir 47137 Schlachten- 2
Rejaganam Ashraf
47137 Herwarth- 27
– Hossein 47167 Schlachthof- 3
– Mohammad 47167 Schlachthof- 3
Rejdak Danuta 47169 Kumkamp 6
– Jolanthe 47169 Hildegard- 9
– Miroslaw 47169 Hildegard- 9
– Stefan 47169 Kuhkamp 6
Rejek Adolf
47249 Kaiserswerther- 84b
– Andrea 47249 Kaiserswerther- 84
– Barbara 47137 Reinhold- 76
– Bernhard 47167 Am
Kreyenbergshof 115
– Birgit 47057 Neudorfer- 31
– Charlotte 47259 Osterroder- 48
– Dorette 47051 Nahe- 55
– Florentine 47137 Reinhold- 78
– Friedhelm 47198 Sand- 8
– Gustav 47137 Reinhold- 76
– Hans 47198 Duisburger- 240
– Hans-Peter 47198 Duisburger- 24
– Heinz 47138 Wiesbadener- 18
– Heinz 47137 Reinhold- 76
– Ilse 47198 Duisburger- 240
– Irmgard 47249 Kaiserswerther- 84
– Irmgard 47138 Wiesbadener- 1
– Johann 47139 Prinz-Friedrich-
Karl- 21
– Jürgen 47249 Kaiserswerther- 82
– Klaus 47249 Hortensien- 23
– Klaus 47198 Sand- 5
– Kyra 47167 Am Kreyenbergshof 11
– Magdalena 47166 Stockholmer- 3
– Manfred 47166 Stockholmer- 34
– Maria 47198 Sand- 8
– Martin 47137 Mühlen- 11
– Michael 47137 Reinhold- 76
– Nicole 47137 Reinhold- 76
– Paul 47198 Duisburger- 240
– Ralf 47249 Beim Knevelshof 32
– Robert 47198 Sand- 8
– Ruth 47137 Mühlen- 11
– Siegfried 47138 Wiesbadener- 18
– Sigrid 47053 Karl-Jarres- 161
– Suzanne 47051 Lippe- 3
– Theodor 47259 Osterroder- 48
– Waltraud 47249 Beim
Knevelshof 32
– Wilhelmine 47259 Meister-Arenz- 2
Rejets Jouri 47167 Albert-
Einstein- 21
– Lioudmila 47167 Albert-
Einstein- 21
– Olga 47167 Albert-Einstein- 21
– Semen 47167 Albert-Einstein- 21
Rejmus Gregor 47053 Heer- 166a
Reka Beata 47166 Dr.-Heinrich-
Laakmann- 27
– Daniel 47139 Arnold- 50
– Elfriede 47055 Nikolai- 67
– Georg 47198 Moerser- 2
– Jacek 47198 Moerser- 2
– Roman 47198 Moerser- 2
Rekanovic Irina 47166 Bleek- 16
Reker Angelika 47057 Gustav-
Freytag- 25
– Stefan 47057 Sternbuschweg 37
Rekic Aisa 47179 Rhein- 94
– Ajise 47059 Kaßlerfelder- 59
– Alija 47051 Kasino- 5
– Demila 47055 Eichhorn- 12
– Dursum 47059 Kaßlerfelder- 59
– Emira 47053 Heusdell- 9
– Ermina 47053 Musfeld- 70
– Ermina 47179 Rhein- 94
– Enes 47179 Rhein- 94
– Fata 47051 Kasino- 5
– Feta 47051 Kasino- 5
– Ferid 47051 Kasino- 5
– Hajrudin 47179 Rhein- 94
– Hase 47053 Musfeld- 70
– Halil 47055 Eichhorn- 12
– Hasija 47051 Kasino- 5
– Ismet 47179 Rhein- 94
– Jasmin 47057 Tulpen- 36
– Jasmina 47059 Kaßlerfelder- 59
– Merima 47057 Tulpen- 36
– Mirsad 47166 Heinrich- 17
– Mirsada 47166 Heinrich- 17
– Nedim 47059 Kaßlerfelder- 59
– Ramiz 47179 Bayreuther- 32
– Saban 47051 Kasino- 5
– Sanela 47166 Bayreuther- 32
– Said 47051 Kasino- 5
– Sead 47055 Eichhorn- 12
– Vasifa 47051 Kasino- 5
– Zijad 47059 Kaßlerfelder- 59
Rekic-Redzepi Elvira
47055 Eschen- 110
Rekittke Andreas
47178 Goerdeler- 28
– Bettina 47053 St.-Johann- 3
– Claudia 47178 Goerdeler- 28
– Erna 47179 Dittfeld- 97
– Reiner 47053 St.-Johann- 3
Rekkas Anastastos 47249 An der
Huf 28
– Dimitrios 47249 An der Huf 28
Rektal Edda 47226 Rückert- 5
– Grete 47137 Lösorter- 20
– Heinz 47137 Stickerskamp 4
– Helene 47228 Ring- 29
– Siegfried 47137 Lösorter- 20
– Siegmar 47167 Am
Kreyenbergshof 51
Rekowsky Edwin 47169 Schiffer- 25
Rekowski Anna von
47228 Höschen- 36
– Annett von 47228 Ufer- 5a
– Christa von 47228 Ufer- 5b
– Christian von 47228 Ufer- 5a
– Claudia 47179 Dr.-Wilhelm-
Roelen- 366
– Cornelia 47059 Mevissen- 17
– Edeltraud von
47229 Friemersheimer- 46
– Elke 47057 Gustav-Freytag- 40
– Friedhelm 47169 Scheffel- 10
– Gerd 47198 Friedrich- 23
– Helene 47057 Ketten- 15
– Herta von 47228 Ufer- 5b
– Horst von
47239 Friemersheimer- 46
– Joseph 47057 Mevissen- 17
– Irene 47057 Ketten- 15
– Karin 47166 Beecker- 213
Gewerbebetriebe/Dienstleister nach Namen – siehe gelber Teil	A-07
